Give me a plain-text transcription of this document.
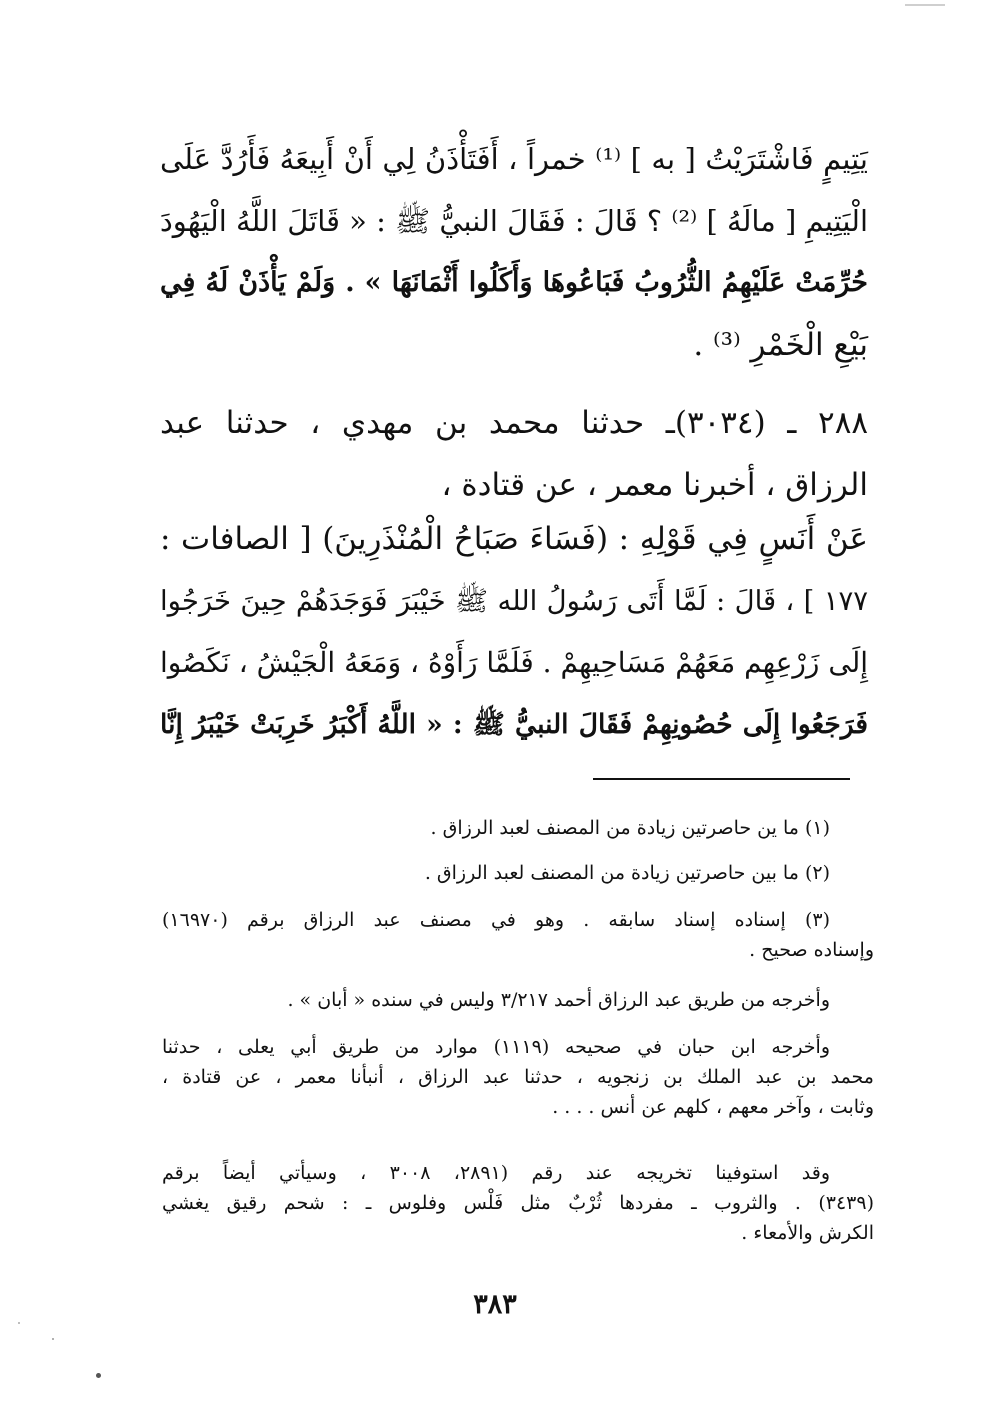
يَتِيمٍ فَاشْتَرَيْتُ [ به ] ⁽¹⁾ خمراً ، أَفَتَأْذَنُ لِي أَنْ أَبِيعَهُ فَأَرُدَّ عَلَى
الْيَتِيمِ [ مالَهُ ] ⁽²⁾ ؟ قَالَ : فَقَالَ النبيُّ ﷺ : « قَاتَلَ اللَّهُ الْيَهُودَ
حُرِّمَتْ عَلَيْهِمُ الثُّرُوبُ فَبَاعُوهَا وَأَكَلُوا أَثْمَانَهَا » . وَلَمْ يَأْذَنْ لَهُ فِي
بَيْعِ الْخَمْرِ ⁽³⁾ .
٢٨٨ ـ (٣٠٣٤)ـ حدثنا محمد بن مهدي ، حدثنا عبد
الرزاق ، أخبرنا معمر ، عن قتادة ،
عَنْ أَنَسٍ فِي قَوْلِهِ : (فَسَاءَ صَبَاحُ الْمُنْذَرِينَ) [ الصافات :
١٧٧ ] ، قَالَ : لَمَّا أَتَى رَسُولُ الله ﷺ خَيْبَرَ فَوَجَدَهُمْ حِينَ خَرَجُوا
إِلَى زَرْعِهِم مَعَهُمْ مَسَاحِيهِمْ . فَلَمَّا رَأَوْهُ ، وَمَعَهُ الْجَيْشُ ، نَكَصُوا
فَرَجَعُوا إِلَى حُصُونِهِمْ فَقَالَ النبيُّ ﷺ : « اللَّهُ أَكْبَرُ خَرِبَتْ خَيْبَرُ إِنَّا
(١) ما ين حاصرتين زيادة من المصنف لعبد الرزاق .
(٢) ما بين حاصرتين زيادة من المصنف لعبد الرزاق .
(٣) إسناده إسناد سابقه . وهو في مصنف عبد الرزاق برقم (١٦٩٧٠)
وإسناده صحيح .
وأخرجه من طريق عبد الرزاق أحمد ٣/٢١٧ وليس في سنده « أبان » .
وأخرجه ابن حبان في صحيحه (١١١٩) موارد من طريق أبي يعلى ، حدثنا
محمد بن عبد الملك بن زنجويه ، حدثنا عبد الرزاق ، أنبأنا معمر ، عن قتادة ،
وثابت ، وآخر معهم ، كلهم عن أنس . . . .
وقد استوفينا تخريجه عند رقم (٢٨٩١، ٣٠٠٨ ، وسيأتي أيضاً برقم
(٣٤٣٩) . والثروب ـ مفردها ثُرْبٌ مثل فَلْس وفلوس ـ : شحم رقيق يغشي
الكرش والأمعاء .
٣٨٣
